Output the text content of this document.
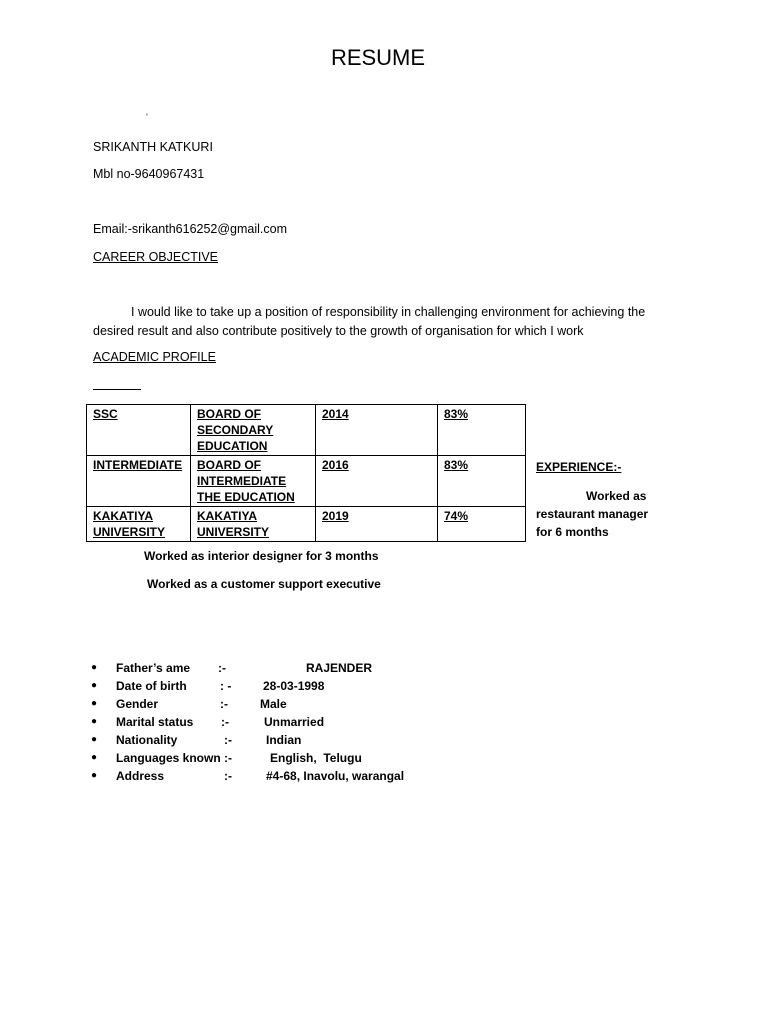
RESUME
‘
SRIKANTH KATKURI
Mbl no-9640967431
Email:-srikanth616252@gmail.com
CAREER OBJECTIVE
I would like to take up a position of responsibility in challenging environment for achieving the desired result and also contribute positively to the growth of organisation for which I work
ACADEMIC PROFILE
SSC	BOARD OF SECONDARY EDUCATION	2014	83%
INTERMEDIATE	BOARD OF INTERMEDIATE THE EDUCATION	2016	83%
KAKATIYA UNIVERSITY	KAKATIYA UNIVERSITY	2019	74%
EXPERIENCE:-
Worked as restaurant manager for 6 months
Worked as interior designer for 3 months
Worked as a customer support executive
● Father’s ame :-	RAJENDER
● Date of birth	: -	28-03-1998
● Gender	:-	Male
● Marital status :-	Unmarried
● Nationality	:-	Indian
● Languages known :-	English,  Telugu
● Address	:-	#4-68, Inavolu, warangal
